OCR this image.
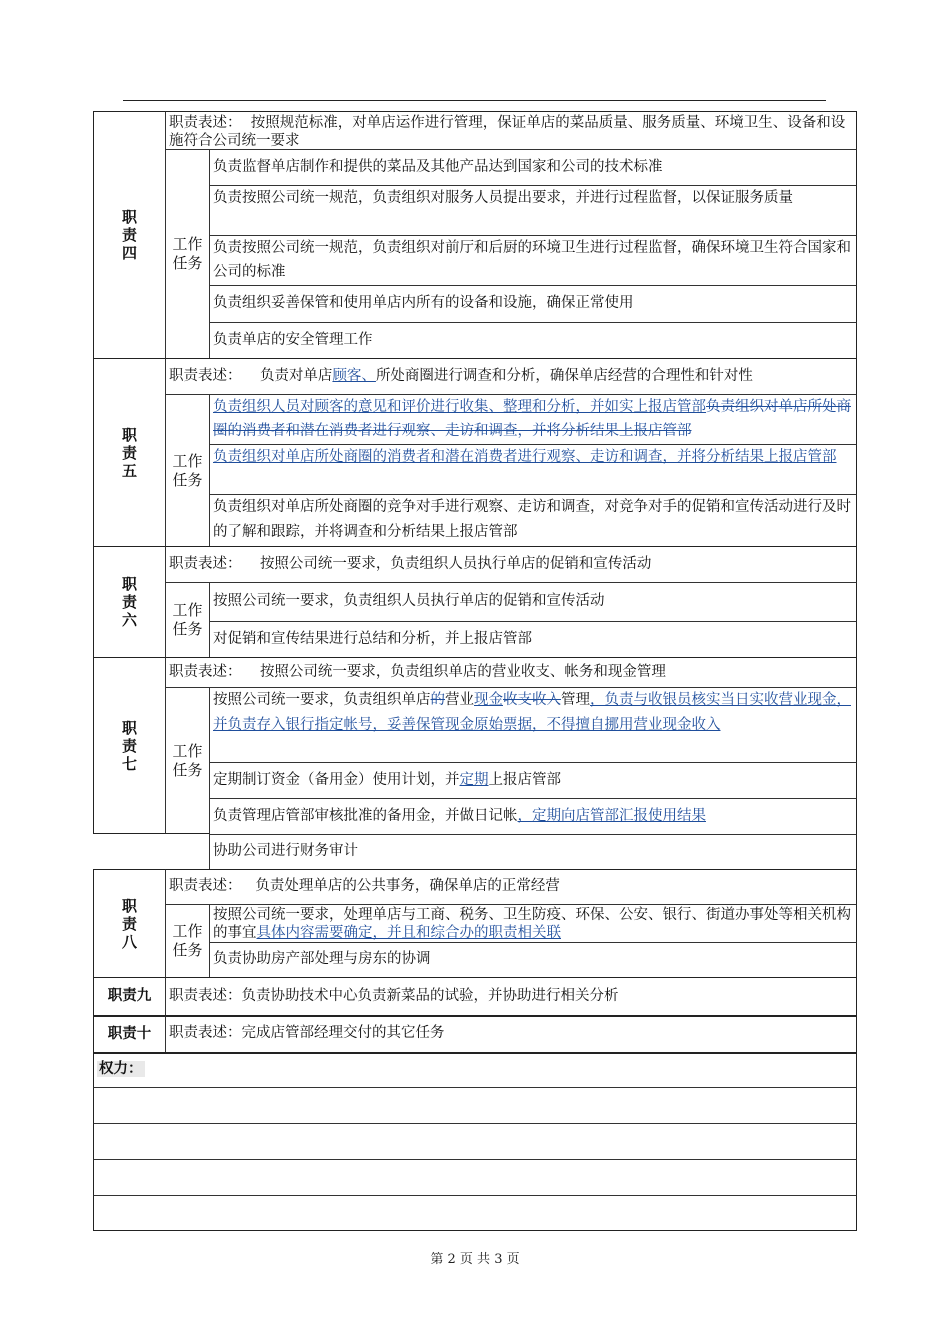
职责四
职责表述： 按照规范标准，对单店运作进行管理，保证单店的菜品质量、服务质量、环境卫生、设备和设施符合公司统一要求
工作任务
负责监督单店制作和提供的菜品及其他产品达到国家和公司的技术标准
负责按照公司统一规范，负责组织对服务人员提出要求，并进行过程监督，以保证服务质量
负责按照公司统一规范，负责组织对前厅和后厨的环境卫生进行过程监督，确保环境卫生符合国家和公司的标准
负责组织妥善保管和使用单店内所有的设备和设施，确保正常使用
负责单店的安全管理工作
职责五
职责表述： 负责对单店顾客、所处商圈进行调查和分析，确保单店经营的合理性和针对性
工作任务
负责组织人员对顾客的意见和评价进行收集、整理和分析，并如实上报店管部负责组织对单店所处商圈的消费者和潜在消费者进行观察、走访和调查，并将分析结果上报店管部
负责组织对单店所处商圈的消费者和潜在消费者进行观察、走访和调查，并将分析结果上报店管部
负责组织对单店所处商圈的竞争对手进行观察、走访和调查，对竞争对手的促销和宣传活动进行及时的了解和跟踪，并将调查和分析结果上报店管部
职责六
职责表述： 按照公司统一要求，负责组织人员执行单店的促销和宣传活动
工作任务
按照公司统一要求，负责组织人员执行单店的促销和宣传活动
对促销和宣传结果进行总结和分析，并上报店管部
职责七
职责表述： 按照公司统一要求，负责组织单店的营业收支、帐务和现金管理
工作任务
按照公司统一要求，负责组织单店的营业现金收支收入管理，负责与收银员核实当日实收营业现金，并负责存入银行指定帐号，妥善保管现金原始票据，不得擅自挪用营业现金收入
定期制订资金（备用金）使用计划，并定期上报店管部
负责管理店管部审核批准的备用金，并做日记帐，定期向店管部汇报使用结果
协助公司进行财务审计
职责八
职责表述： 负责处理单店的公共事务，确保单店的正常经营
工作任务
按照公司统一要求，处理单店与工商、税务、卫生防疫、环保、公安、银行、街道办事处等相关机构的事宜具体内容需要确定，并且和综合办的职责相关联
负责协助房产部处理与房东的协调
职责九	职责表述：负责协助技术中心负责新菜品的试验，并协助进行相关分析
职责十	职责表述：完成店管部经理交付的其它任务
权力：
第 2 页 共 3 页
